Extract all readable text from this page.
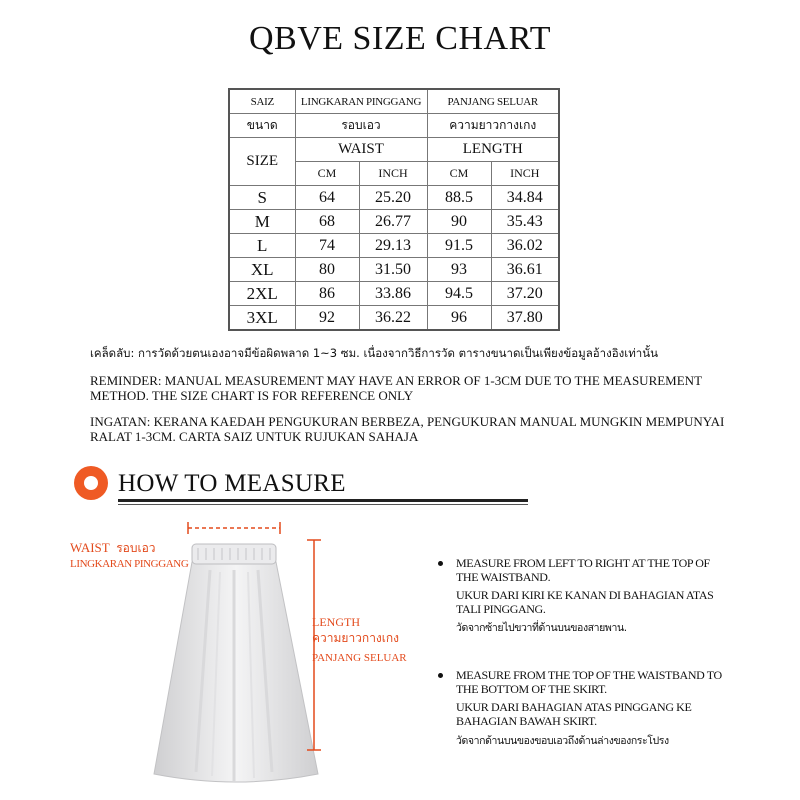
QBVE SIZE CHART
SAIZ	LINGKARAN PINGGANG		PANJANG SELUAR	
ขนาด	รอบเอว		ความยาวกางเกง	
SIZE	WAIST		LENGTH	
	CM	INCH	CM	INCH
S	64	25.20	88.5	34.84
M	68	26.77	90	35.43
L	74	29.13	91.5	36.02
XL	80	31.50	93	36.61
2XL	86	33.86	94.5	37.20
3XL	92	36.22	96	37.80
เคล็ดลับ: การวัดด้วยตนเองอาจมีข้อผิดพลาด 1~3 ซม. เนื่องจากวิธีการวัด ตารางขนาดเป็นเพียงข้อมูลอ้างอิงเท่านั้น
REMINDER: MANUAL MEASUREMENT MAY HAVE AN ERROR OF 1-3CM DUE TO THE MEASUREMENT METHOD. THE SIZE CHART IS FOR REFERENCE ONLY
INGATAN: KERANA KAEDAH PENGUKURAN BERBEZA, PENGUKURAN MANUAL MUNGKIN MEMPUNYAI RALAT 1-3CM. CARTA SAIZ UNTUK RUJUKAN SAHAJA
HOW TO MEASURE
WAIST รอบเอว
LINGKARAN PINGGANG
LENGTH
ความยาวกางเกง
PANJANG SELUAR
MEASURE FROM LEFT TO RIGHT AT THE TOP OF THE WAISTBAND.
UKUR DARI KIRI KE KANAN DI BAHAGIAN ATAS TALI PINGGANG.
วัดจากซ้ายไปขวาที่ด้านบนของสายพาน.
MEASURE FROM THE TOP OF THE WAISTBAND TO THE BOTTOM OF THE SKIRT.
UKUR DARI BAHAGIAN ATAS PINGGANG KE BAHAGIAN BAWAH SKIRT.
วัดจากด้านบนของขอบเอวถึงด้านล่างของกระโปรง
